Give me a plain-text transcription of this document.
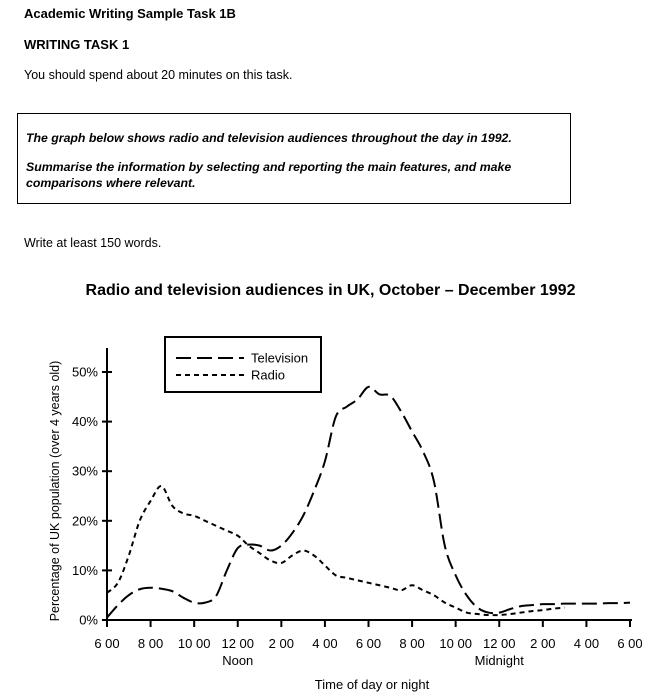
Academic Writing Sample Task 1B
WRITING TASK 1
You should spend about 20 minutes on this task.

The graph below shows radio and television audiences throughout the day in 1992.

Summarise the information by selecting and reporting the main features, and make comparisons where relevant.

Write at least 150 words.
Radio and television audiences in UK, October – December 1992
0%
10%
20%
30%
40%
50%
6 00 8 00 10 00 12 00 2 00 4 00 6 00 8 00 10 00 12 00 2 00 4 00 6 00
Noon	Midnight
Television
Radio
Percentage of UK population (over 4 years old)
Time of day or night
